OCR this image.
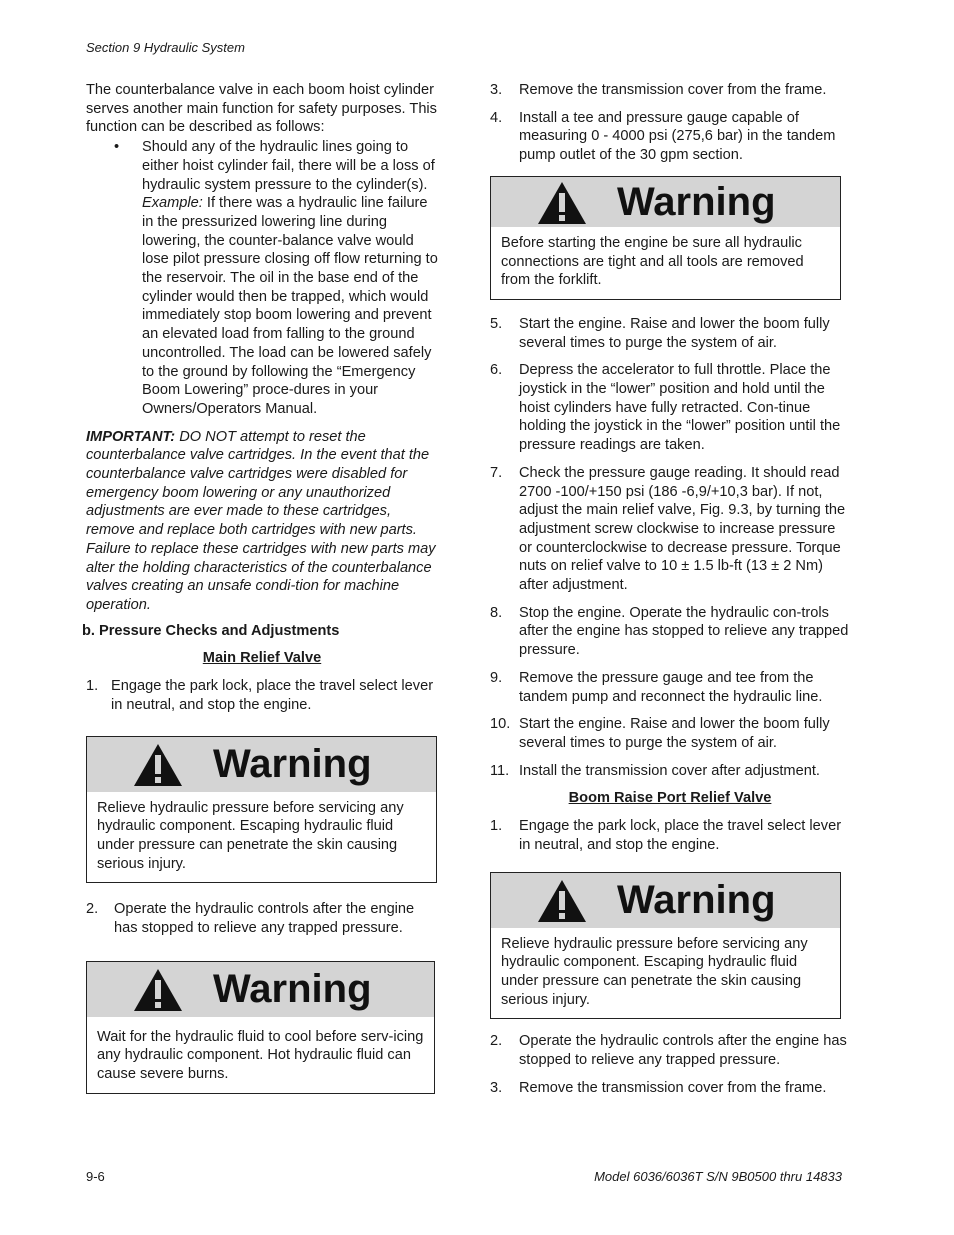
Section 9 Hydraulic System

The counterbalance valve in each boom hoist cylinder serves another main function for safety purposes. This function can be described as follows:

• Should any of the hydraulic lines going to either hoist cylinder fail, there will be a loss of hydraulic system pressure to the cylinder(s). Example: If there was a hydraulic line failure in the pressurized lowering line during lowering, the counter-balance valve would lose pilot pressure closing off flow returning to the reservoir. The oil in the base end of the cylinder would then be trapped, which would immediately stop boom lowering and prevent an elevated load from falling to the ground uncontrolled. The load can be lowered safely to the ground by following the “Emergency Boom Lowering” proce-dures in your Owners/Operators Manual.

IMPORTANT: DO NOT attempt to reset the counterbalance valve cartridges. In the event that the counterbalance valve cartridges were disabled for emergency boom lowering or any unauthorized adjustments are ever made to these cartridges, remove and replace both cartridges with new parts. Failure to replace these cartridges with new parts may alter the holding characteristics of the counterbalance valves creating an unsafe condi-tion for machine operation.

b. Pressure Checks and Adjustments

Main Relief Valve

1. Engage the park lock, place the travel select lever in neutral, and stop the engine.
Warning
Relieve hydraulic pressure before servicing any hydraulic component. Escaping hydraulic fluid under pressure can penetrate the skin causing serious injury.
2. Operate the hydraulic controls after the engine has stopped to relieve any trapped pressure.
Warning
Wait for the hydraulic fluid to cool before serv-icing any hydraulic component. Hot hydraulic fluid can cause severe burns.
3. Remove the transmission cover from the frame.
4. Install a tee and pressure gauge capable of measuring 0 - 4000 psi (275,6 bar) in the tandem pump outlet of the 30 gpm section.
Warning
Before starting the engine be sure all hydraulic connections are tight and all tools are removed from the forklift.
5. Start the engine. Raise and lower the boom fully several times to purge the system of air.
6. Depress the accelerator to full throttle. Place the joystick in the “lower” position and hold until the hoist cylinders have fully retracted. Con-tinue holding the joystick in the “lower” position until the pressure readings are taken.
7. Check the pressure gauge reading. It should read 2700 -100/+150 psi (186 -6,9/+10,3 bar). If not, adjust the main relief valve, Fig. 9.3, by turning the adjustment screw clockwise to increase pressure or counterclockwise to decrease pressure. Torque nuts on relief valve to 10 ± 1.5 lb-ft (13 ± 2 Nm) after adjustment.
8. Stop the engine. Operate the hydraulic con-trols after the engine has stopped to relieve any trapped pressure.
9. Remove the pressure gauge and tee from the tandem pump and reconnect the hydraulic line.
10. Start the engine. Raise and lower the boom fully several times to purge the system of air.
11. Install the transmission cover after adjustment.

Boom Raise Port Relief Valve

1. Engage the park lock, place the travel select lever in neutral, and stop the engine.
Warning
Relieve hydraulic pressure before servicing any hydraulic component. Escaping hydraulic fluid under pressure can penetrate the skin causing serious injury.
2. Operate the hydraulic controls after the engine has stopped to relieve any trapped pressure.
3. Remove the transmission cover from the frame.
9-6	Model 6036/6036T S/N 9B0500 thru 14833
